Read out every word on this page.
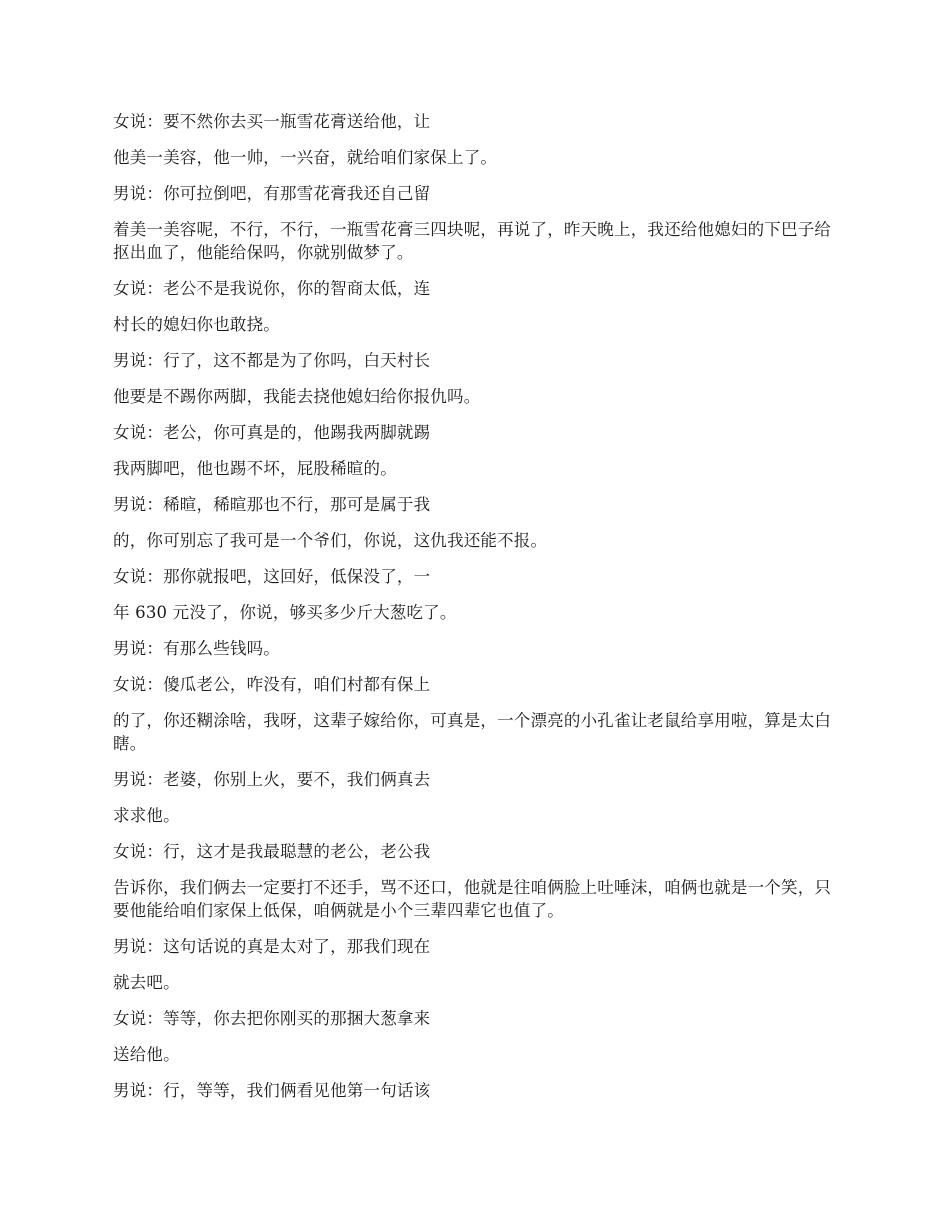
女说：要不然你去买一瓶雪花膏送给他，让

他美一美容，他一帅，一兴奋，就给咱们家保上了。

男说：你可拉倒吧，有那雪花膏我还自己留

着美一美容呢，不行，不行，一瓶雪花膏三四块呢，再说了，昨天晚上，我还给他媳妇的下巴子给抠出血了，他能给保吗，你就别做梦了。

女说：老公不是我说你，你的智商太低，连

村长的媳妇你也敢挠。

男说：行了，这不都是为了你吗，白天村长

他要是不踢你两脚，我能去挠他媳妇给你报仇吗。

女说：老公，你可真是的，他踢我两脚就踢

我两脚吧，他也踢不坏，屁股稀暄的。

男说：稀暄，稀暄那也不行，那可是属于我

的，你可别忘了我可是一个爷们，你说，这仇我还能不报。

女说：那你就报吧，这回好，低保没了，一

年 630 元没了，你说，够买多少斤大葱吃了。

男说：有那么些钱吗。

女说：傻瓜老公，咋没有，咱们村都有保上

的了，你还糊涂啥，我呀，这辈子嫁给你，可真是，一个漂亮的小孔雀让老鼠给享用啦，算是太白瞎。

男说：老婆，你别上火，要不，我们俩真去

求求他。

女说：行，这才是我最聪慧的老公，老公我

告诉你，我们俩去一定要打不还手，骂不还口，他就是往咱俩脸上吐唾沫，咱俩也就是一个笑，只要他能给咱们家保上低保，咱俩就是小个三辈四辈它也值了。

男说：这句话说的真是太对了，那我们现在

就去吧。

女说：等等，你去把你刚买的那捆大葱拿来

送给他。

男说：行，等等，我们俩看见他第一句话该
